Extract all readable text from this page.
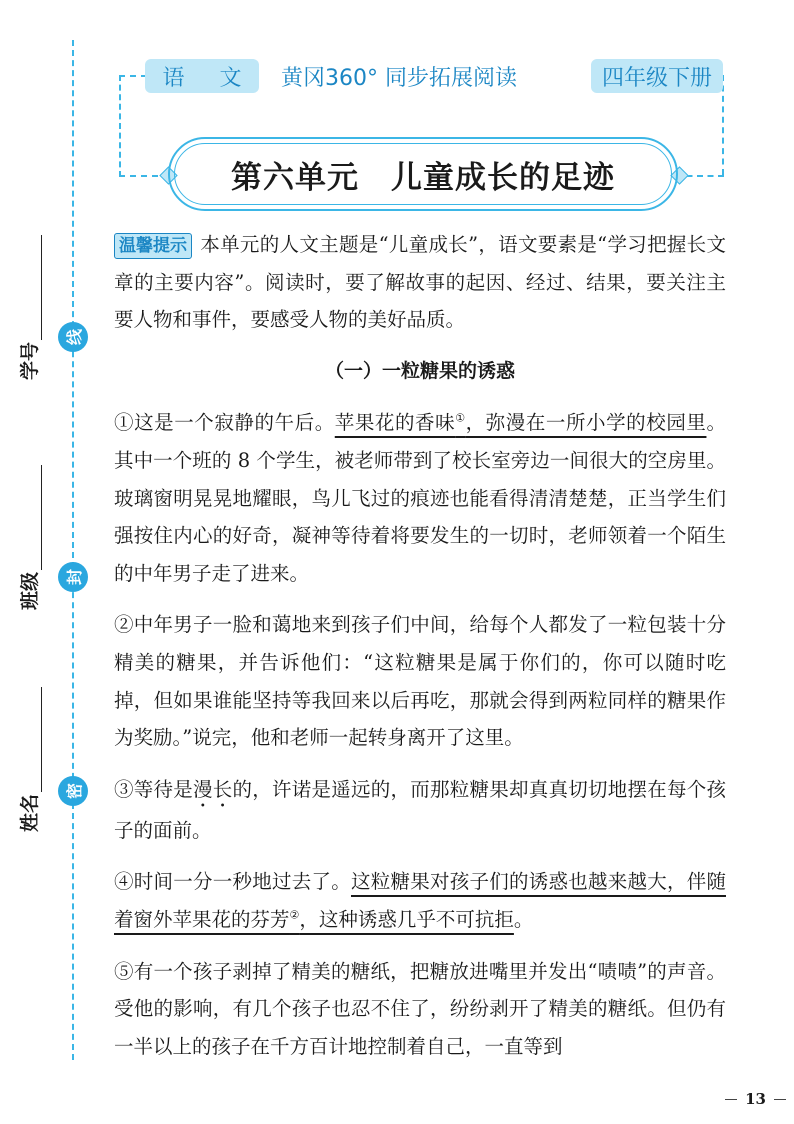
线
封
密
学号
班级
姓名
语 文 黄冈360° 同步拓展阅读	四年级下册
第六单元　儿童成长的足迹

温馨提示 本单元的人文主题是“儿童成长”，语文要素是“学习把握长文章的主要内容”。阅读时，要了解故事的起因、经过、结果，要关注主要人物和事件，要感受人物的美好品质。

（一）一粒糖果的诱惑

①这是一个寂静的午后。苹果花的香味①，弥漫在一所小学的校园里。其中一个班的 8 个学生，被老师带到了校长室旁边一间很大的空房里。玻璃窗明晃晃地耀眼，鸟儿飞过的痕迹也能看得清清楚楚，正当学生们强按住内心的好奇，凝神等待着将要发生的一切时，老师领着一个陌生的中年男子走了进来。

②中年男子一脸和蔼地来到孩子们中间，给每个人都发了一粒包装十分精美的糖果，并告诉他们：“这粒糖果是属于你们的，你可以随时吃掉，但如果谁能坚持等我回来以后再吃，那就会得到两粒同样的糖果作为奖励。”说完，他和老师一起转身离开了这里。

③等待是漫长的，许诺是遥远的，而那粒糖果却真真切切地摆在每个孩子的面前。

④时间一分一秒地过去了。这粒糖果对孩子们的诱惑也越来越大，伴随着窗外苹果花的芬芳②，这种诱惑几乎不可抗拒。

⑤有一个孩子剥掉了精美的糖纸，把糖放进嘴里并发出“啧啧”的声音。受他的影响，有几个孩子也忍不住了，纷纷剥开了精美的糖纸。但仍有一半以上的孩子在千方百计地控制着自己，一直等到

13
